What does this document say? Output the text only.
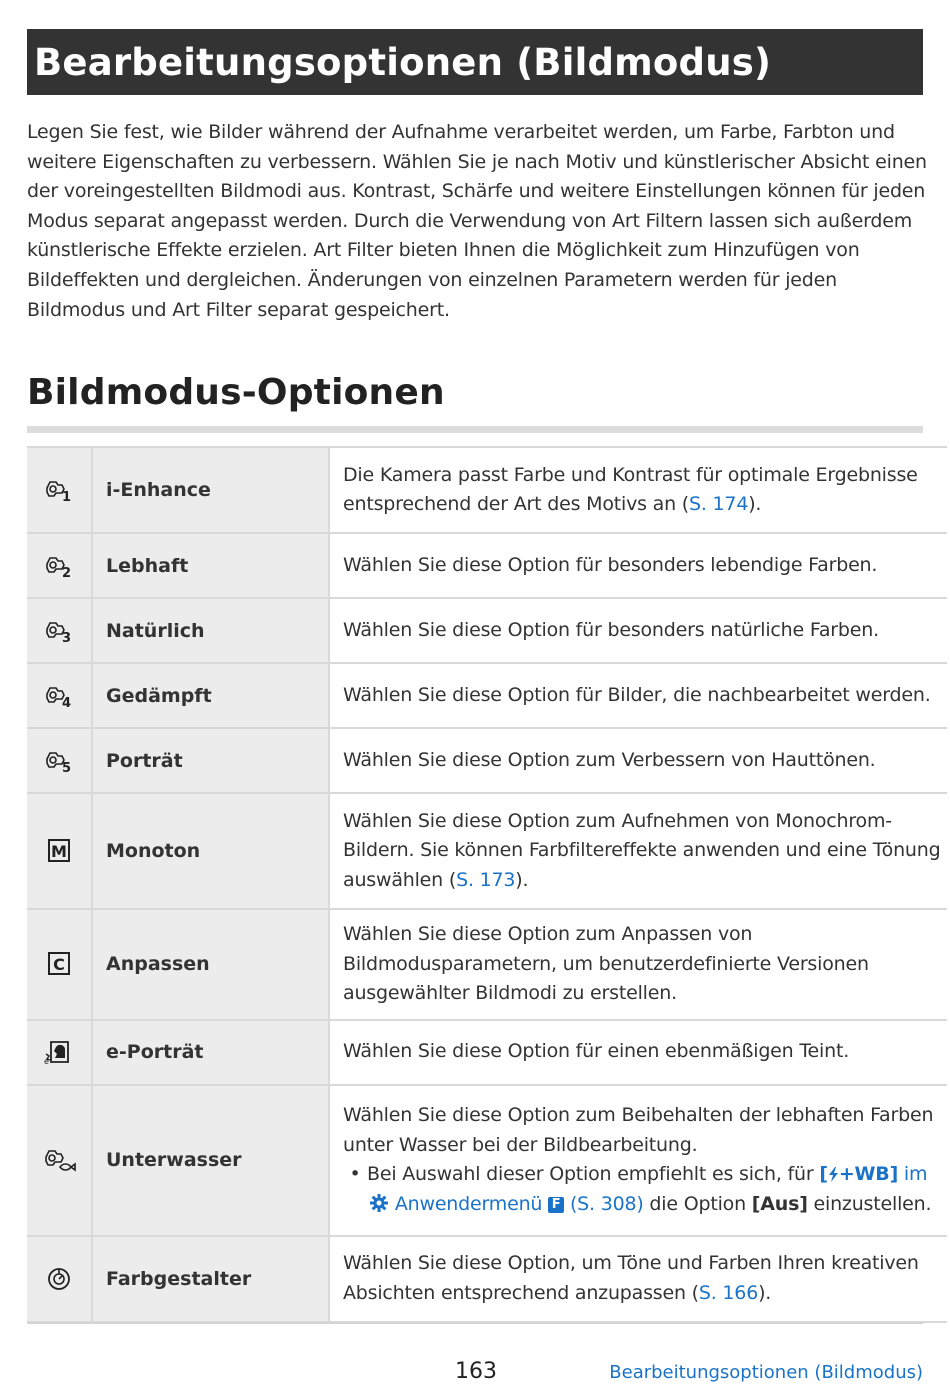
Bearbeitungsoptionen (Bildmodus)

Legen Sie fest, wie Bilder während der Aufnahme verarbeitet werden, um Farbe, Farbton und weitere Eigenschaften zu verbessern. Wählen Sie je nach Motiv und künstlerischer Absicht einen der voreingestellten Bildmodi aus. Kontrast, Schärfe und weitere Einstellungen können für jeden Modus separat angepasst werden. Durch die Verwendung von Art Filtern lassen sich außerdem künstlerische Effekte erzielen. Art Filter bieten Ihnen die Möglichkeit zum Hinzufügen von Bildeffekten und dergleichen. Änderungen von einzelnen Parametern werden für jeden Bildmodus und Art Filter separat gespeichert.

Bildmodus-Optionen
1	i-Enhance	Die Kamera passt Farbe und Kontrast für optimale Ergebnisse entsprechend der Art des Motivs an (S. 174).

2	Lebhaft	Wählen Sie diese Option für besonders lebendige Farben.

3	Natürlich	Wählen Sie diese Option für besonders natürliche Farben.

4	Gedämpft	Wählen Sie diese Option für Bilder, die nachbearbeitet werden.

5	Porträt	Wählen Sie diese Option zum Verbessern von Hauttönen.

M	Monoton	Wählen Sie diese Option zum Aufnehmen von Monochrom-Bildern. Sie können Farbfiltereffekte anwenden und eine Tönung auswählen (S. 173).

C	Anpassen	Wählen Sie diese Option zum Anpassen von Bildmodusparametern, um benutzerdefinierte Versionen ausgewählter Bildmodi zu erstellen.

e	e-Porträt	Wählen Sie diese Option für einen ebenmäßigen Teint.
	Unterwasser	Wählen Sie diese Option zum Beibehalten der lebhaften Farben unter Wasser bei der Bildbearbeitung.
• Bei Auswahl dieser Option empfiehlt es sich, für [ +WB] im
Anwendermenü F (S. 308) die Option [Aus] einzustellen.

	Farbgestalter	Wählen Sie diese Option, um Töne und Farben Ihren kreativen Absichten entsprechend anzupassen (S. 166).
163	Bearbeitungsoptionen (Bildmodus)
